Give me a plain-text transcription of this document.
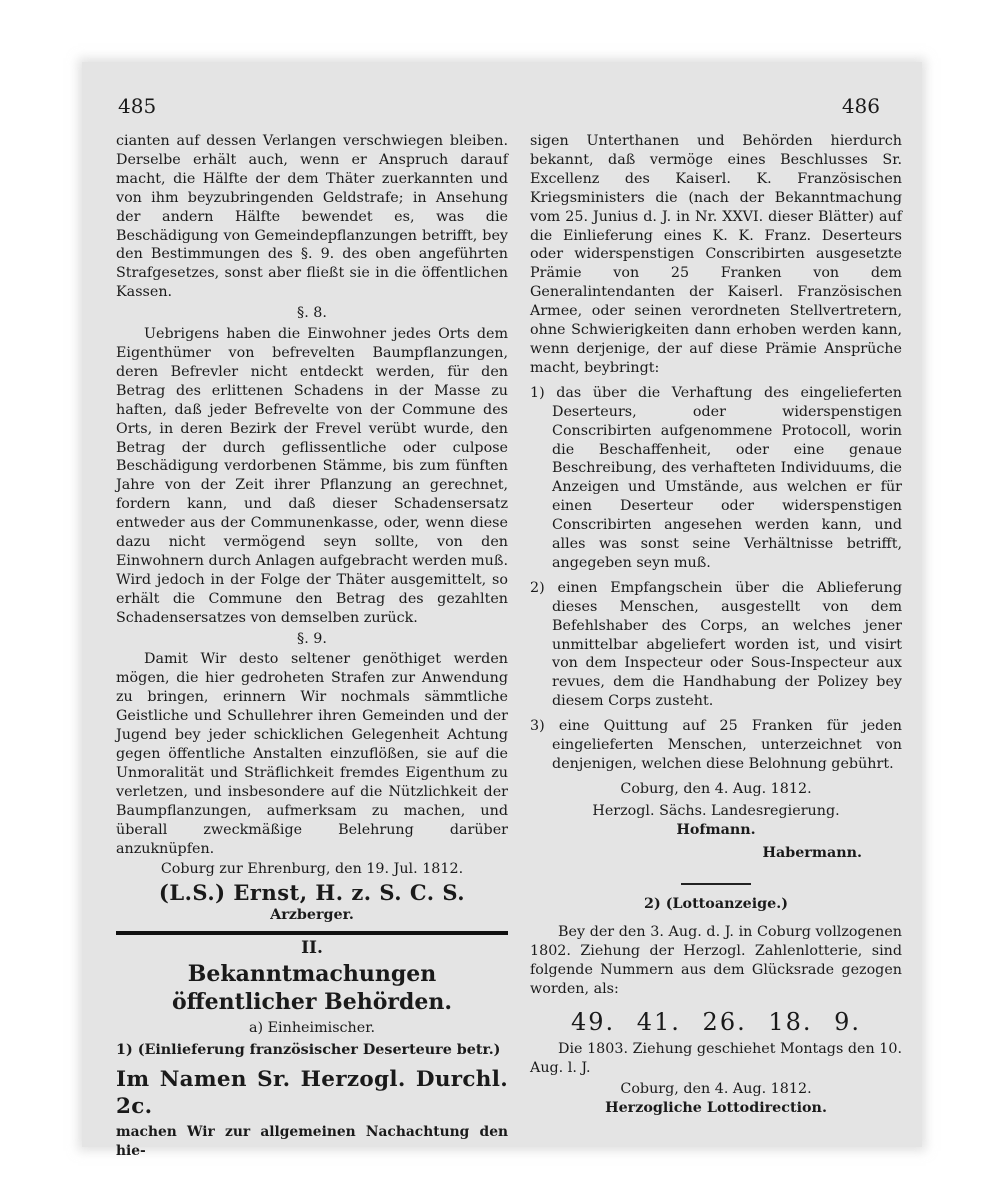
485	486

cianten auf dessen Verlangen verschwiegen bleiben. Derselbe erhält auch, wenn er Anspruch darauf macht, die Hälfte der dem Thäter zuerkannten und von ihm beyzubringenden Geldstrafe; in Ansehung der andern Hälfte bewendet es, was die Beschädigung von Gemeindepflanzungen betrifft, bey den Bestimmungen des §. 9. des oben angeführten Strafgesetzes, sonst aber fließt sie in die öffentlichen Kassen.

§. 8.

Uebrigens haben die Einwohner jedes Orts dem Eigenthümer von befrevelten Baumpflanzungen, deren Befrevler nicht entdeckt werden, für den Betrag des erlittenen Schadens in der Masse zu haften, daß jeder Befrevelte von der Commune des Orts, in deren Bezirk der Frevel verübt wurde, den Betrag der durch geflissentliche oder culpose Beschädigung verdorbenen Stämme, bis zum fünften Jahre von der Zeit ihrer Pflanzung an gerechnet, fordern kann, und daß dieser Schadensersatz entweder aus der Communenkasse, oder, wenn diese dazu nicht vermögend seyn sollte, von den Einwohnern durch Anlagen aufgebracht werden muß. Wird jedoch in der Folge der Thäter ausgemittelt, so erhält die Commune den Betrag des gezahlten Schadensersatzes von demselben zurück.

§. 9.

Damit Wir desto seltener genöthiget werden mögen, die hier gedroheten Strafen zur Anwendung zu bringen, erinnern Wir nochmals sämmtliche Geistliche und Schullehrer ihren Gemeinden und der Jugend bey jeder schicklichen Gelegenheit Achtung gegen öffentliche Anstalten einzuflößen, sie auf die Unmoralität und Sträflichkeit fremdes Eigenthum zu verletzen, und insbesondere auf die Nützlichkeit der Baumpflanzungen, aufmerksam zu machen, und überall zweckmäßige Belehrung darüber anzuknüpfen.

Coburg zur Ehrenburg, den 19. Jul. 1812.

(L.S.) Ernst, H. z. S. C. S.

Arzberger.

II.

Bekanntmachungen öffentlicher Behörden.

a) Einheimischer.

1) (Einlieferung französischer Deserteure betr.)

Im Namen Sr. Herzogl. Durchl. 2c.

machen Wir zur allgemeinen Nachachtung den hie-

sigen Unterthanen und Behörden hierdurch bekannt, daß vermöge eines Beschlusses Sr. Excellenz des Kaiserl. K. Französischen Kriegsministers die (nach der Bekanntmachung vom 25. Junius d. J. in Nr. XXVI. dieser Blätter) auf die Einlieferung eines K. K. Franz. Deserteurs oder widerspenstigen Conscribirten ausgesetzte Prämie von 25 Franken von dem Generalintendanten der Kaiserl. Französischen Armee, oder seinen verordneten Stellvertretern, ohne Schwierigkeiten dann erhoben werden kann, wenn derjenige, der auf diese Prämie Ansprüche macht, beybringt:

1) das über die Verhaftung des eingelieferten Deserteurs, oder widerspenstigen Conscribirten aufgenommene Protocoll, worin die Beschaffenheit, oder eine genaue Beschreibung, des verhafteten Individuums, die Anzeigen und Umstände, aus welchen er für einen Deserteur oder widerspenstigen Conscribirten angesehen werden kann, und alles was sonst seine Verhältnisse betrifft, angegeben seyn muß.

2) einen Empfangschein über die Ablieferung dieses Menschen, ausgestellt von dem Befehlshaber des Corps, an welches jener unmittelbar abgeliefert worden ist, und visirt von dem Inspecteur oder Sous-Inspecteur aux revues, dem die Handhabung der Polizey bey diesem Corps zusteht.

3) eine Quittung auf 25 Franken für jeden eingelieferten Menschen, unterzeichnet von denjenigen, welchen diese Belohnung gebührt.

Coburg, den 4. Aug. 1812.

Herzogl. Sächs. Landesregierung.

Hofmann.

Habermann.

2) (Lottoanzeige.)

Bey der den 3. Aug. d. J. in Coburg vollzogenen 1802. Ziehung der Herzogl. Zahlenlotterie, sind folgende Nummern aus dem Glücksrade gezogen worden, als:

49. 41. 26. 18. 9.

Die 1803. Ziehung geschiehet Montags den 10. Aug. l. J.

Coburg, den 4. Aug. 1812.

Herzogliche Lottodirection.
